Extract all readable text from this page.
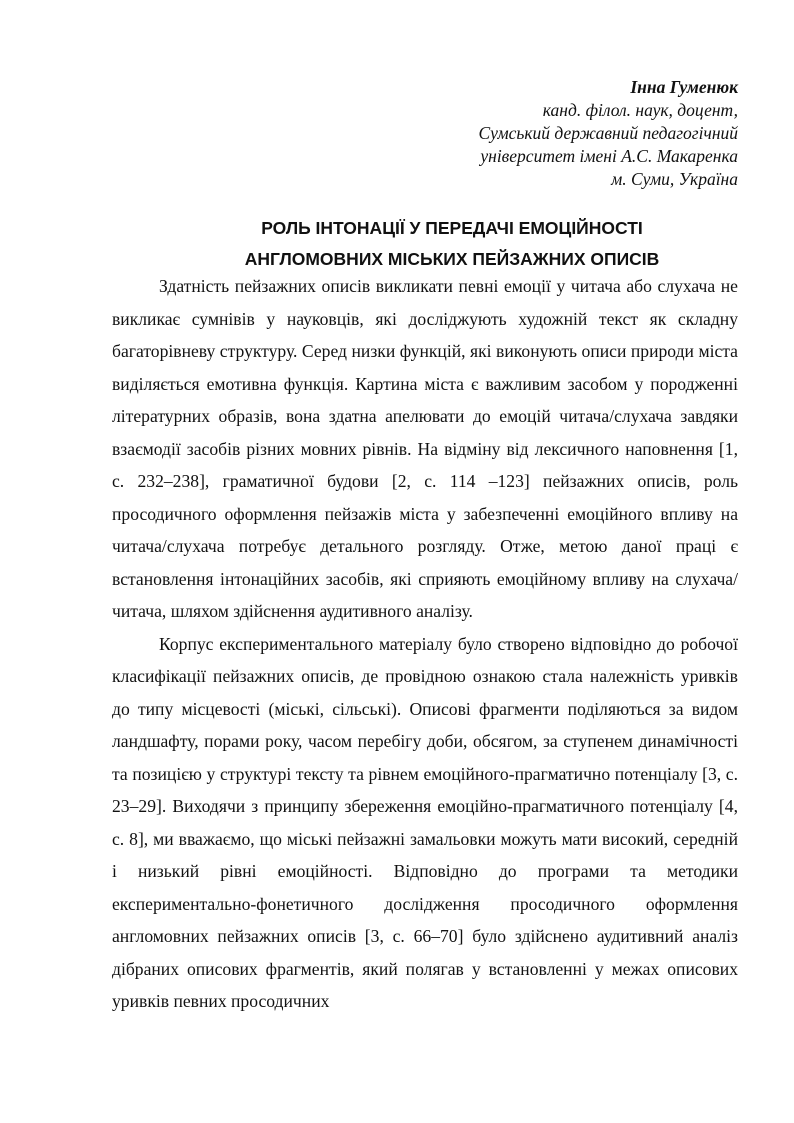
Інна Гуменюк
канд. філол. наук, доцент,
Сумський державний педагогічний
університет імені А.С. Макаренка
м. Суми, Україна
РОЛЬ ІНТОНАЦІЇ У ПЕРЕДАЧІ ЕМОЦІЙНОСТІ
АНГЛОМОВНИХ МІСЬКИХ ПЕЙЗАЖНИХ ОПИСІВ

Здатність пейзажних описів викликати певні емоції у читача або слухача не викликає сумнівів у науковців, які досліджують художній текст як складну багаторівневу структуру. Серед низки функцій, які виконують описи природи міста виділяється емотивна функція. Картина міста є важливим засобом у породженні літературних образів, вона здатна апелювати до емоцій читача/слухача завдяки взаємодії засобів різних мовних рівнів. На відміну від лексичного наповнення [1, с. 232–238], граматичної будови [2, с. 114 –123] пейзажних описів, роль просодичного оформлення пейзажів міста у забезпеченні емоційного впливу на читача/слухача потребує детального розгляду. Отже, метою даної праці є встановлення інтонаційних засобів, які сприяють емоційному впливу на слухача/читача, шляхом здійснення аудитивного аналізу.

Корпус експериментального матеріалу було створено відповідно до робочої класифікації пейзажних описів, де провідною ознакою стала належність уривків до типу місцевості (міські, сільські). Описові фрагменти поділяються за видом ландшафту, порами року, часом перебігу доби, обсягом, за ступенем динамічності та позицією у структурі тексту та рівнем емоційного-прагматично потенціалу [3, с. 23–29]. Виходячи з принципу збереження емоційно-прагматичного потенціалу [4, с. 8], ми вважаємо, що міські пейзажні замальовки можуть мати високий, середній і низький рівні емоційності. Відповідно до програми та методики експериментально-фонетичного дослідження просодичного оформлення англомовних пейзажних описів [3, с. 66–70] було здійснено аудитивний аналіз дібраних описових фрагментів, який полягав у встановленні у межах описових уривків певних просодичних
